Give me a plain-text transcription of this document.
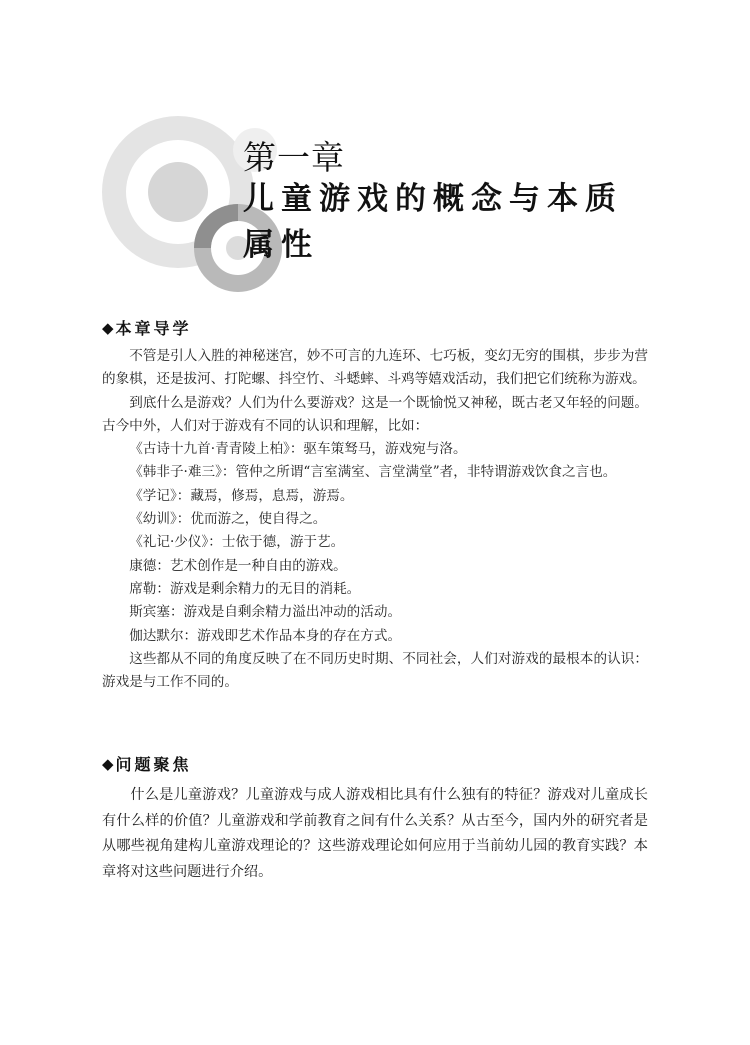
第一章
儿童游戏的概念与本质
属性
◆ 本章导学

不管是引人入胜的神秘迷宫，妙不可言的九连环、七巧板，变幻无穷的围棋，步步为营的象棋，还是拔河、打陀螺、抖空竹、斗蟋蟀、斗鸡等嬉戏活动，我们把它们统称为游戏。

到底什么是游戏？人们为什么要游戏？这是一个既愉悦又神秘，既古老又年轻的问题。古今中外，人们对于游戏有不同的认识和理解，比如：

《古诗十九首·青青陵上柏》：驱车策驽马，游戏宛与洛。

《韩非子·难三》：管仲之所谓“言室满室、言堂满堂”者，非特谓游戏饮食之言也。

《学记》：藏焉，修焉，息焉，游焉。

《幼训》：优而游之，使自得之。

《礼记·少仪》：士依于德，游于艺。

康德：艺术创作是一种自由的游戏。

席勒：游戏是剩余精力的无目的消耗。

斯宾塞：游戏是自剩余精力溢出冲动的活动。

伽达默尔：游戏即艺术作品本身的存在方式。

这些都从不同的角度反映了在不同历史时期、不同社会，人们对游戏的最根本的认识：游戏是与工作不同的。

◆ 问题聚焦

什么是儿童游戏？儿童游戏与成人游戏相比具有什么独有的特征？游戏对儿童成长有什么样的价值？儿童游戏和学前教育之间有什么关系？从古至今，国内外的研究者是从哪些视角建构儿童游戏理论的？这些游戏理论如何应用于当前幼儿园的教育实践？本章将对这些问题进行介绍。
